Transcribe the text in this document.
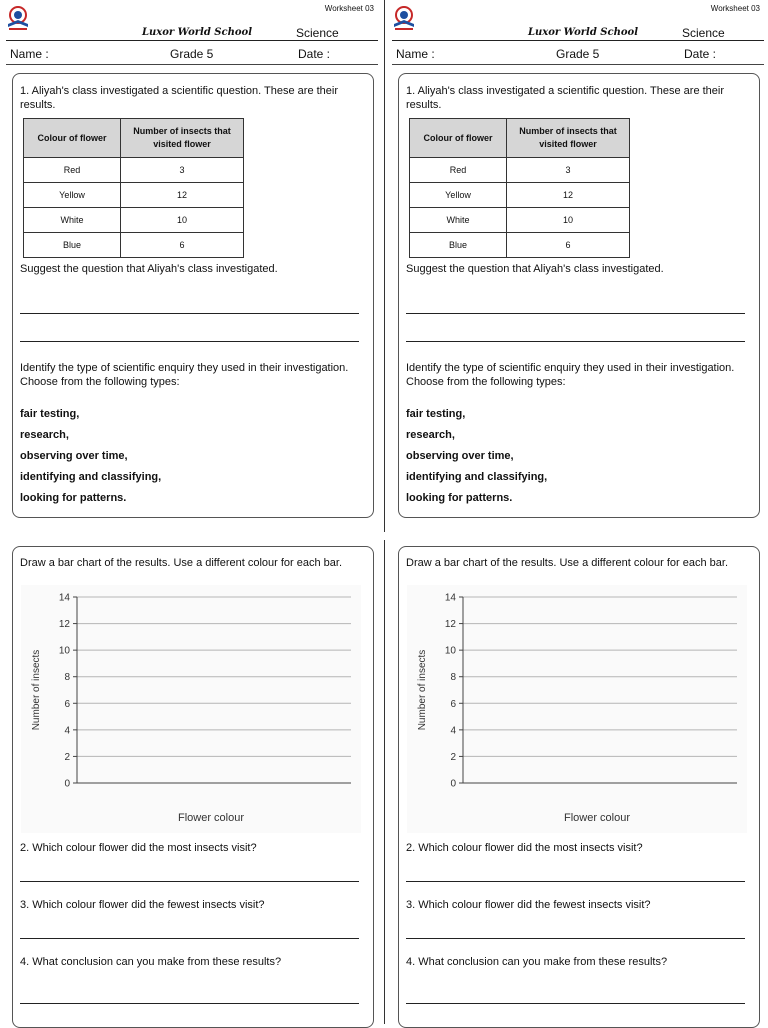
Worksheet 03
Luxor World School	Science
Name :	Grade 5	Date :
1. Aliyah's class investigated a scientific question. These are their results.
Colour of flower	Number of insects that visited flower
Red	3
Yellow	12
White	10
Blue	6
Suggest the question that Aliyah's class investigated.
Identify the type of scientific enquiry they used in their investigation. Choose from the following types:
fair testing,
research,
observing over time,
identifying and classifying,
looking for patterns.
Draw a bar chart of the results. Use a different colour for each bar.
0
2
4
6
8
10
12
14
Number of insects
Flower colour
2. Which colour flower did the most insects visit?
3. Which colour flower did the fewest insects visit?
4. What conclusion can you make from these results?
Worksheet 03
Luxor World School	Science
Name :	Grade 5	Date :
1. Aliyah's class investigated a scientific question. These are their results.
Colour of flower	Number of insects that visited flower
Red	3
Yellow	12
White	10
Blue	6
Suggest the question that Aliyah's class investigated.
Identify the type of scientific enquiry they used in their investigation. Choose from the following types:
fair testing,
research,
observing over time,
identifying and classifying,
looking for patterns.
Draw a bar chart of the results. Use a different colour for each bar.
0
2
4
6
8
10
12
14
Number of insects
Flower colour
2. Which colour flower did the most insects visit?
3. Which colour flower did the fewest insects visit?
4. What conclusion can you make from these results?
